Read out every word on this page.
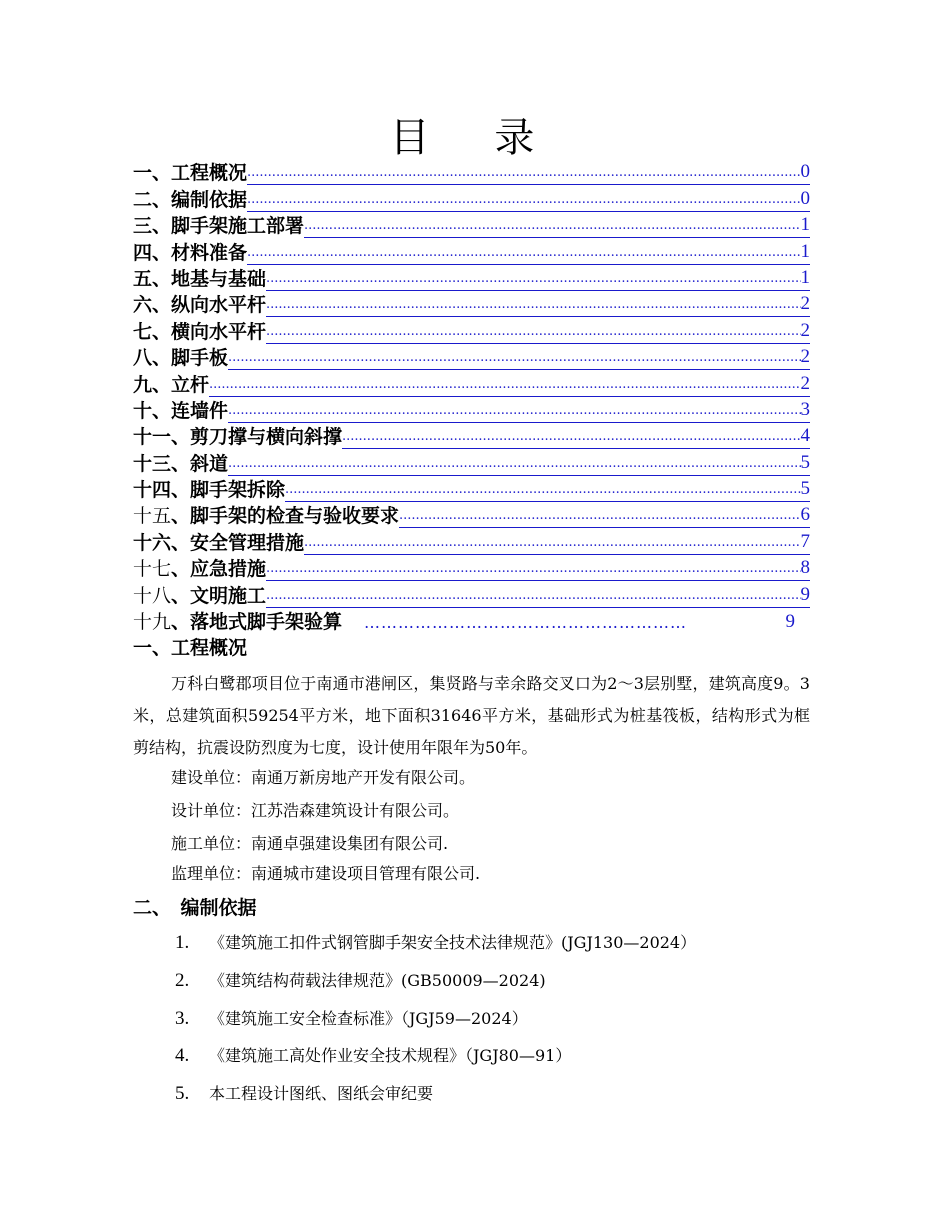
目 录
一、工程概况 .....	0
二、编制依据 .....	0
三、脚手架施工部署 .....	1
四、材料准备 .....	1
五、地基与基础 .....	1
六、纵向水平杆 .....	2
七、横向水平杆 .....	2
八、脚手板 .....	2
九、立杆 .....	2
十、连墙件 .....	3
十一、剪刀撑与横向斜撑 .....	4
十三、斜道 .....	5
十四、脚手架拆除 .....	5
十五、脚手架的检查与验收要求 .....	6
十六、安全管理措施 .....	7
十七、应急措施 .....	8
十八、文明施工 .....	9
十九、落地式脚手架验算 …………………………………………………	9
一、工程概况
万科白鹭郡项目位于南通市港闸区，集贤路与幸余路交叉口为2～3层别墅，建筑高度9。3米，总建筑面积59254平方米，地下面积31646平方米，基础形式为桩基筏板，结构形式为框剪结构，抗震设防烈度为七度，设计使用年限年为50年。
建设单位：南通万新房地产开发有限公司。
设计单位：江苏浩森建筑设计有限公司。
施工单位：南通卓强建设集团有限公司.
监理单位：南通城市建设项目管理有限公司.
二、　编制依据
1. 《建筑施工扣件式钢管脚手架安全技术法律规范》(JGJ130—2024）
2. 《建筑结构荷载法律规范》(GB50009—2024)
3. 《建筑施工安全检查标准》（JGJ59—2024）
4. 《建筑施工高处作业安全技术规程》（JGJ80—91）
5. 本工程设计图纸、图纸会审纪要
